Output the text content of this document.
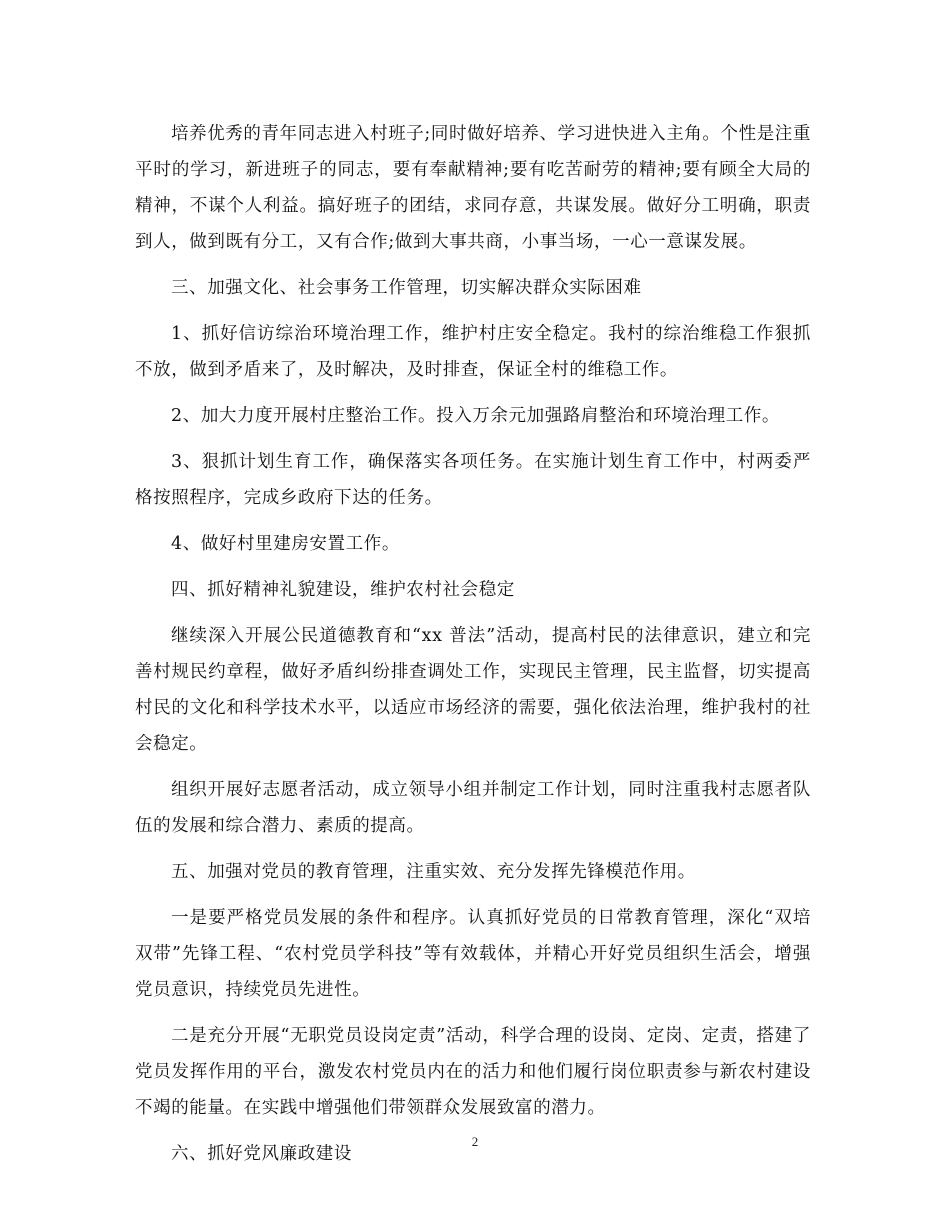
培养优秀的青年同志进入村班子;同时做好培养、学习进快进入主角。个性是注重平时的学习，新进班子的同志，要有奉献精神;要有吃苦耐劳的精神;要有顾全大局的精神，不谋个人利益。搞好班子的团结，求同存意，共谋发展。做好分工明确，职责到人，做到既有分工，又有合作;做到大事共商，小事当场，一心一意谋发展。

三、加强文化、社会事务工作管理，切实解决群众实际困难

1、抓好信访综治环境治理工作，维护村庄安全稳定。我村的综治维稳工作狠抓不放，做到矛盾来了，及时解决，及时排查，保证全村的维稳工作。

2、加大力度开展村庄整治工作。投入万余元加强路肩整治和环境治理工作。

3、狠抓计划生育工作，确保落实各项任务。在实施计划生育工作中，村两委严格按照程序，完成乡政府下达的任务。

4、做好村里建房安置工作。

四、抓好精神礼貌建设，维护农村社会稳定

继续深入开展公民道德教育和“xx 普法”活动，提高村民的法律意识，建立和完善村规民约章程，做好矛盾纠纷排查调处工作，实现民主管理，民主监督，切实提高村民的文化和科学技术水平，以适应市场经济的需要，强化依法治理，维护我村的社会稳定。

组织开展好志愿者活动，成立领导小组并制定工作计划，同时注重我村志愿者队伍的发展和综合潜力、素质的提高。

五、加强对党员的教育管理，注重实效、充分发挥先锋模范作用。

一是要严格党员发展的条件和程序。认真抓好党员的日常教育管理，深化“双培双带”先锋工程、“农村党员学科技”等有效载体，并精心开好党员组织生活会，增强党员意识，持续党员先进性。

二是充分开展“无职党员设岗定责”活动，科学合理的设岗、定岗、定责，搭建了党员发挥作用的平台，激发农村党员内在的活力和他们履行岗位职责参与新农村建设不竭的能量。在实践中增强他们带领群众发展致富的潜力。

六、抓好党风廉政建设

2
